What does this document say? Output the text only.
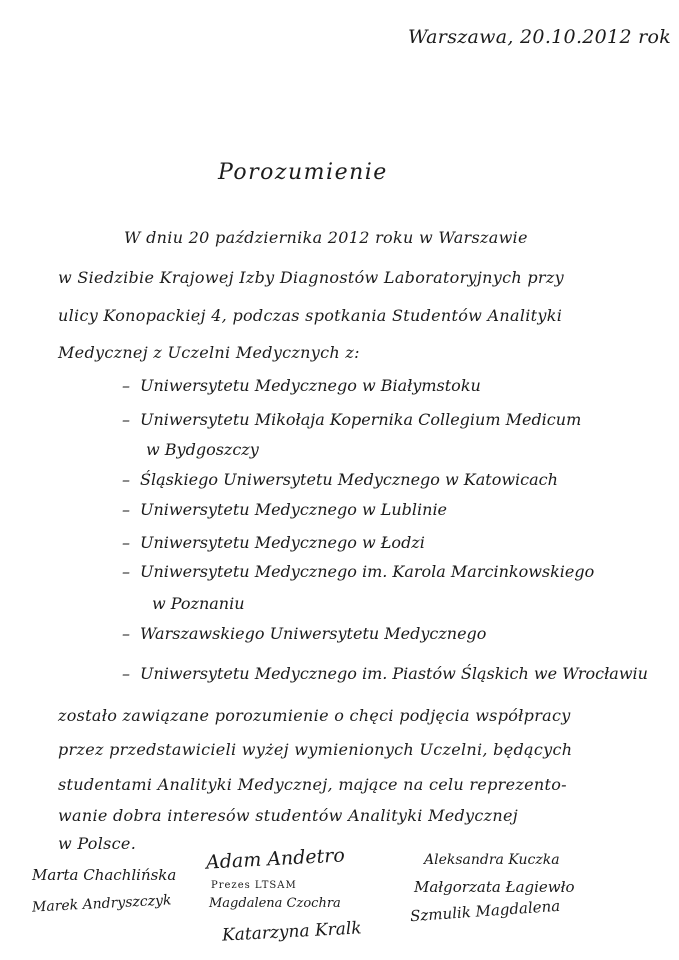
Warszawa, 20.10.2012 rok
Porozumienie
W dniu 20 października 2012 roku w Warszawie
w Siedzibie Krajowej Izby Diagnostów Laboratoryjnych przy
ulicy Konopackiej 4, podczas spotkania Studentów Analityki
Medycznej z Uczelni Medycznych z:
– Uniwersytetu Medycznego w Białymstoku
– Uniwersytetu Mikołaja Kopernika Collegium Medicum
w Bydgoszczy
– Śląskiego Uniwersytetu Medycznego w Katowicach
– Uniwersytetu Medycznego w Lublinie
– Uniwersytetu Medycznego w Łodzi
– Uniwersytetu Medycznego im. Karola Marcinkowskiego
w Poznaniu
– Warszawskiego Uniwersytetu Medycznego
– Uniwersytetu Medycznego im. Piastów Śląskich we Wrocławiu
zostało zawiązane porozumienie o chęci podjęcia współpracy
przez przedstawicieli wyżej wymienionych Uczelni, będących
studentami Analityki Medycznej, mające na celu reprezento-
wanie dobra interesów studentów Analityki Medycznej
w Polsce.
Marta Chachlińska
Marek Andryszczyk
Adam Andetro
Prezes LTSAM
Magdalena Czochra
Katarzyna Kralk
Aleksandra Kuczka
Małgorzata Łagiewło
Szmulik Magdalena
